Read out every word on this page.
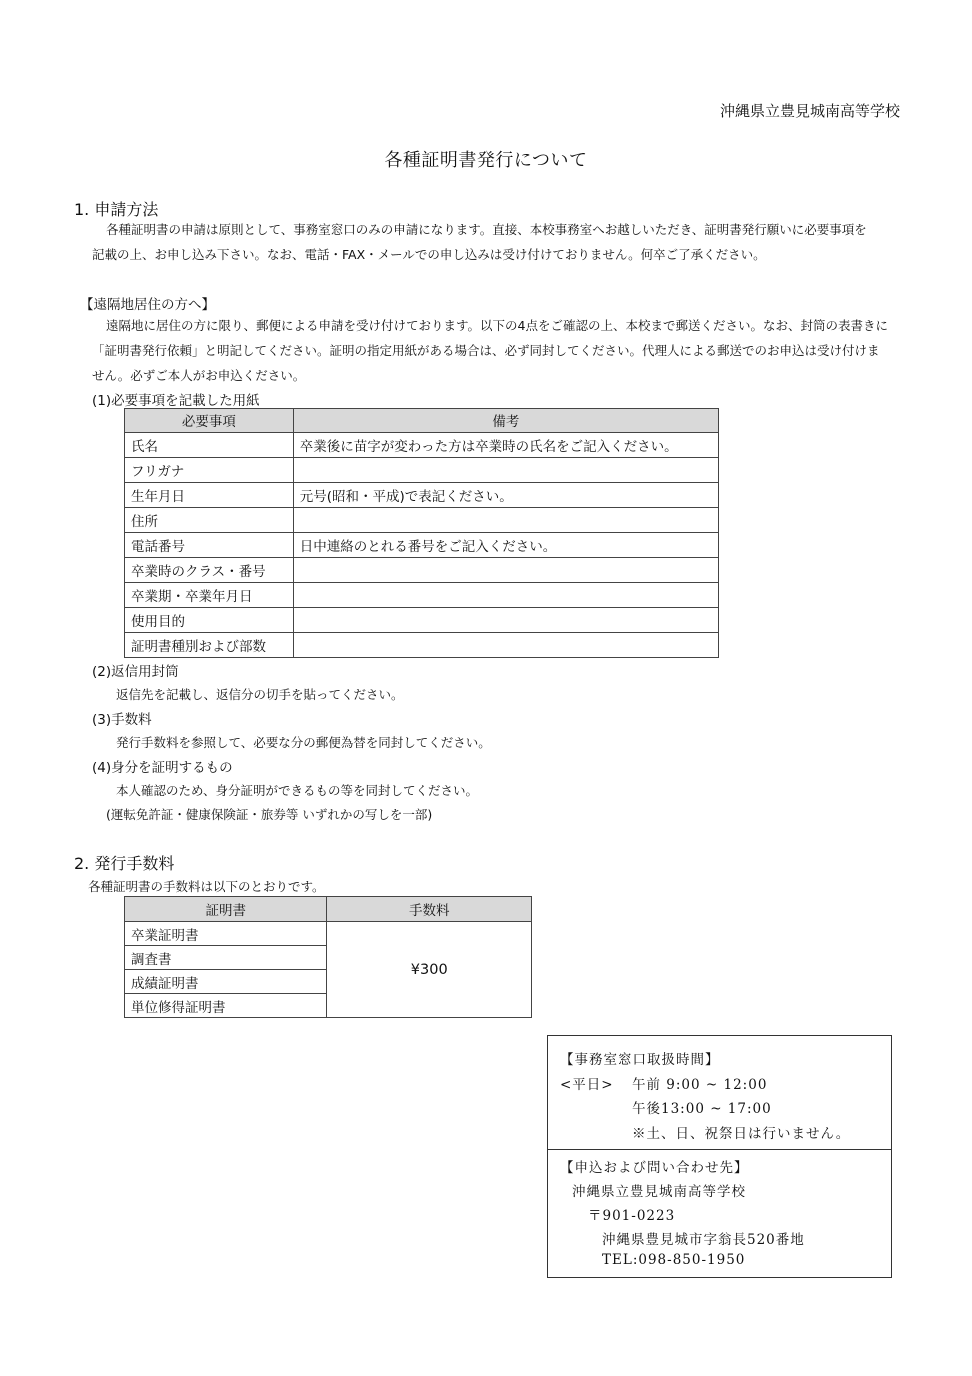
沖縄県立豊見城南高等学校
各種証明書発行について
1. 申請方法
各種証明書の申請は原則として、事務室窓口のみの申請になります。直接、本校事務室へお越しいただき、証明書発行願いに必要事項を
記載の上、お申し込み下さい。なお、電話・FAX・メールでの申し込みは受け付けておりません。何卒ご了承ください。
【遠隔地居住の方へ】
遠隔地に居住の方に限り、郵便による申請を受け付けております。以下の4点をご確認の上、本校まで郵送ください。なお、封筒の表書きに
「証明書発行依頼」と明記してください。証明の指定用紙がある場合は、必ず同封してください。代理人による郵送でのお申込は受け付けま
せん。必ずご本人がお申込ください。
(1)必要事項を記載した用紙
必要事項	備考
氏名	卒業後に苗字が変わった方は卒業時の氏名をご記入ください。
フリガナ	
生年月日	元号(昭和・平成)で表記ください。
住所	
電話番号	日中連絡のとれる番号をご記入ください。
卒業時のクラス・番号	
卒業期・卒業年月日	
使用目的	
証明書種別および部数	
(2)返信用封筒
返信先を記載し、返信分の切手を貼ってください。
(3)手数料
発行手数料を参照して、必要な分の郵便為替を同封してください。
(4)身分を証明するもの
本人確認のため、身分証明ができるもの等を同封してください。
(運転免許証・健康保険証・旅券等 いずれかの写しを一部)
2. 発行手数料
各種証明書の手数料は以下のとおりです。
証明書	手数料
卒業証明書	¥300
調査書	
成績証明書	
単位修得証明書	
【事務室窓口取扱時間】
<平日> 午前 9:00 ~ 12:00
午後13:00 ~ 17:00
※土、日、祝祭日は行いません。
【申込および問い合わせ先】
沖縄県立豊見城南高等学校
〒901-0223
沖縄県豊見城市字翁長520番地
TEL:098-850-1950
